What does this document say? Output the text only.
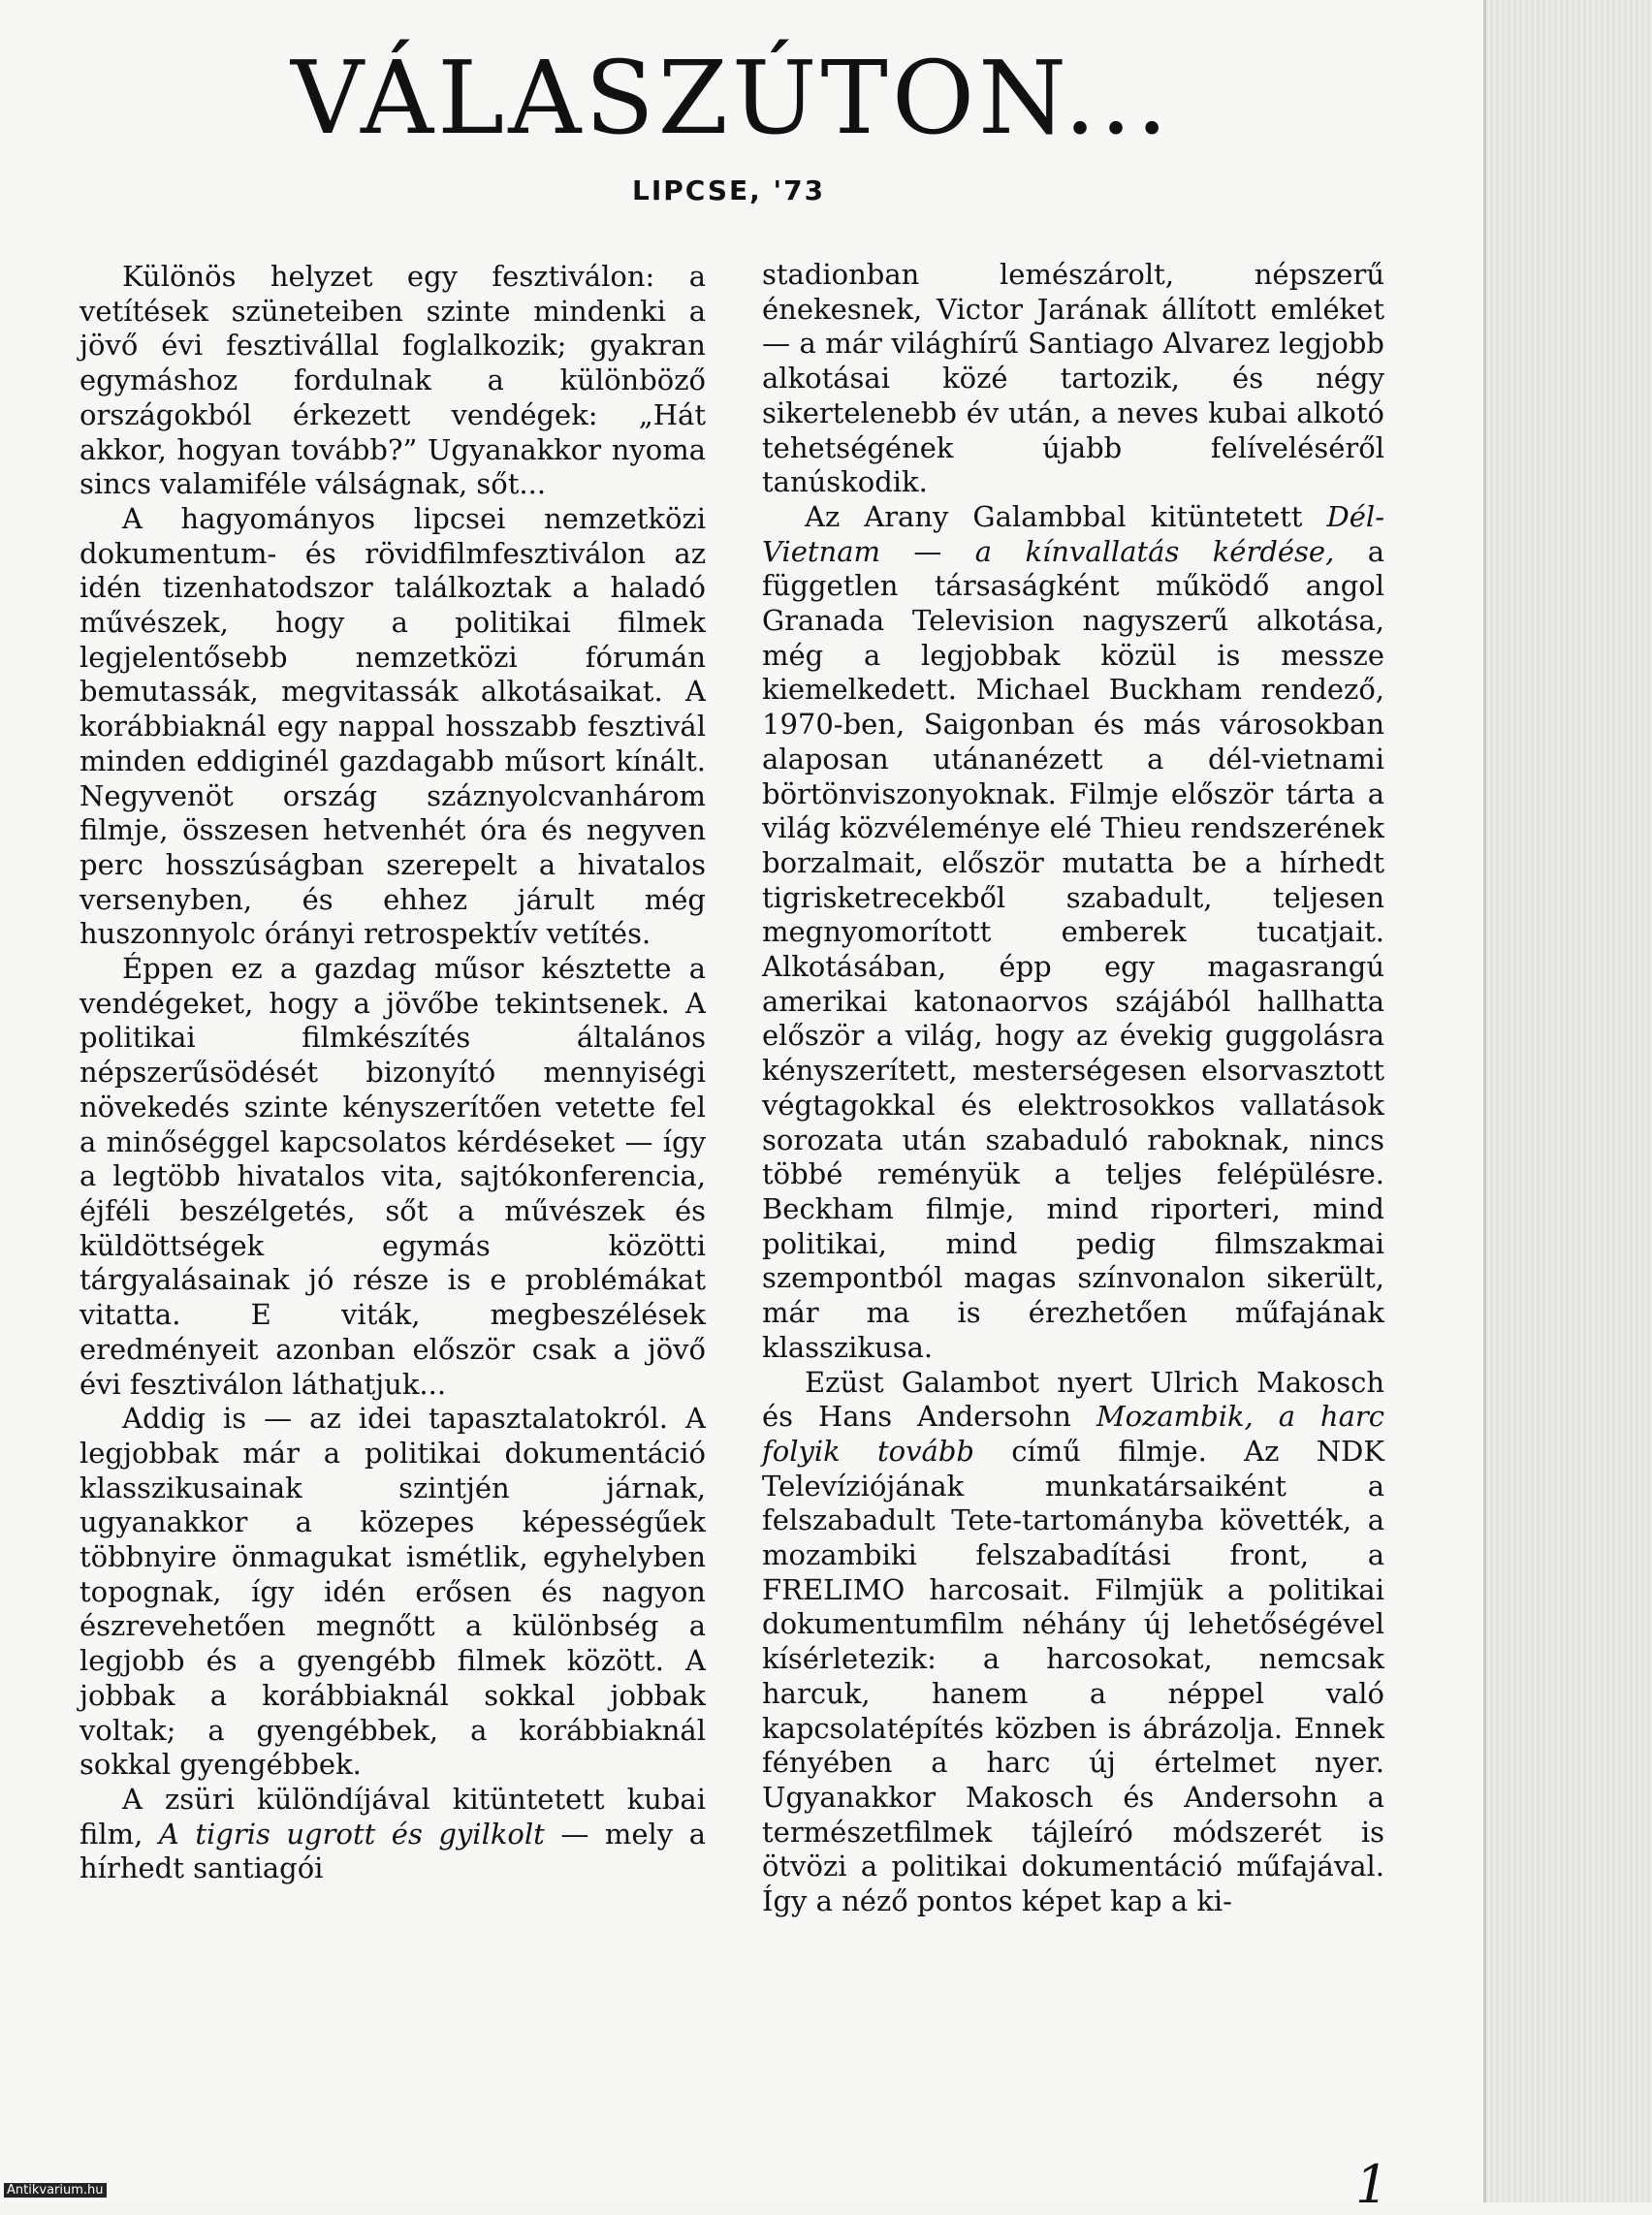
VÁLASZÚTON...
LIPCSE, '73

Különös helyzet egy fesztiválon: a vetítések szüneteiben szinte mindenki a jövő évi fesztivállal foglalkozik; gyakran egymáshoz fordulnak a különböző országokból érkezett vendégek: „Hát akkor, hogyan tovább?” Ugyanakkor nyoma sincs valamiféle válságnak, sőt...

A hagyományos lipcsei nemzetközi dokumentum- és rövidfilmfesztiválon az idén tizenhatodszor találkoztak a haladó művészek, hogy a politikai filmek legjelentősebb nemzetközi fórumán bemutassák, megvitassák alkotásaikat. A korábbiaknál egy nappal hosszabb fesztivál minden eddiginél gazdagabb műsort kínált. Negyvenöt ország száznyolcvanhárom filmje, összesen hetvenhét óra és negyven perc hosszúságban szerepelt a hivatalos versenyben, és ehhez járult még huszonnyolc órányi retrospektív vetítés.

Éppen ez a gazdag műsor késztette a vendégeket, hogy a jövőbe tekintsenek. A politikai filmkészítés általános népszerűsödését bizonyító mennyiségi növekedés szinte kényszerítően vetette fel a minőséggel kapcsolatos kérdéseket — így a legtöbb hivatalos vita, sajtókonferencia, éjféli beszélgetés, sőt a művészek és küldöttségek egymás közötti tárgyalásainak jó része is e problémákat vitatta. E viták, megbeszélések eredményeit azonban először csak a jövő évi fesztiválon láthatjuk...

Addig is — az idei tapasztalatokról. A legjobbak már a politikai dokumentáció klasszikusainak szintjén járnak, ugyanakkor a közepes képességűek többnyire önmagukat ismétlik, egyhelyben topognak, így idén erősen és nagyon észrevehetően megnőtt a különbség a legjobb és a gyengébb filmek között. A jobbak a korábbiaknál sokkal jobbak voltak; a gyengébbek, a korábbiaknál sokkal gyengébbek.

A zsüri különdíjával kitüntetett kubai film, A tigris ugrott és gyilkolt — mely a hírhedt santiagói

stadionban lemészárolt, népszerű énekesnek, Victor Jarának állított emléket — a már világhírű Santiago Alvarez legjobb alkotásai közé tartozik, és négy sikertelenebb év után, a neves kubai alkotó tehetségének újabb felíveléséről tanúskodik.

Az Arany Galambbal kitüntetett Dél-Vietnam — a kínvallatás kérdése, a független társaságként működő angol Granada Television nagyszerű alkotása, még a legjobbak közül is messze kiemelkedett. Michael Buckham rendező, 1970-ben, Saigonban és más városokban alaposan utánanézett a dél-vietnami börtönviszonyoknak. Filmje először tárta a világ közvéleménye elé Thieu rendszerének borzalmait, először mutatta be a hírhedt tigrisketrecekből szabadult, teljesen megnyomorított emberek tucatjait. Alkotásában, épp egy magasrangú amerikai katonaorvos szájából hallhatta először a világ, hogy az évekig guggolásra kényszerített, mesterségesen elsorvasztott végtagokkal és elektrosokkos vallatások sorozata után szabaduló raboknak, nincs többé reményük a teljes felépülésre. Beckham filmje, mind riporteri, mind politikai, mind pedig filmszakmai szempontból magas színvonalon sikerült, már ma is érezhetően műfajának klasszikusa.

Ezüst Galambot nyert Ulrich Makosch és Hans Andersohn Mozambik, a harc folyik tovább című filmje. Az NDK Televíziójának munkatársaiként a felszabadult Tete-tartományba követték, a mozambiki felszabadítási front, a FRELIMO harcosait. Filmjük a politikai dokumentumfilm néhány új lehetőségével kísérletezik: a harcosokat, nemcsak harcuk, hanem a néppel való kapcsolatépítés közben is ábrázolja. Ennek fényében a harc új értelmet nyer. Ugyanakkor Makosch és Andersohn a természetfilmek tájleíró módszerét is ötvözi a politikai dokumentáció műfajával. Így a néző pontos képet kap a ki-

1

Antikvarium.hu
